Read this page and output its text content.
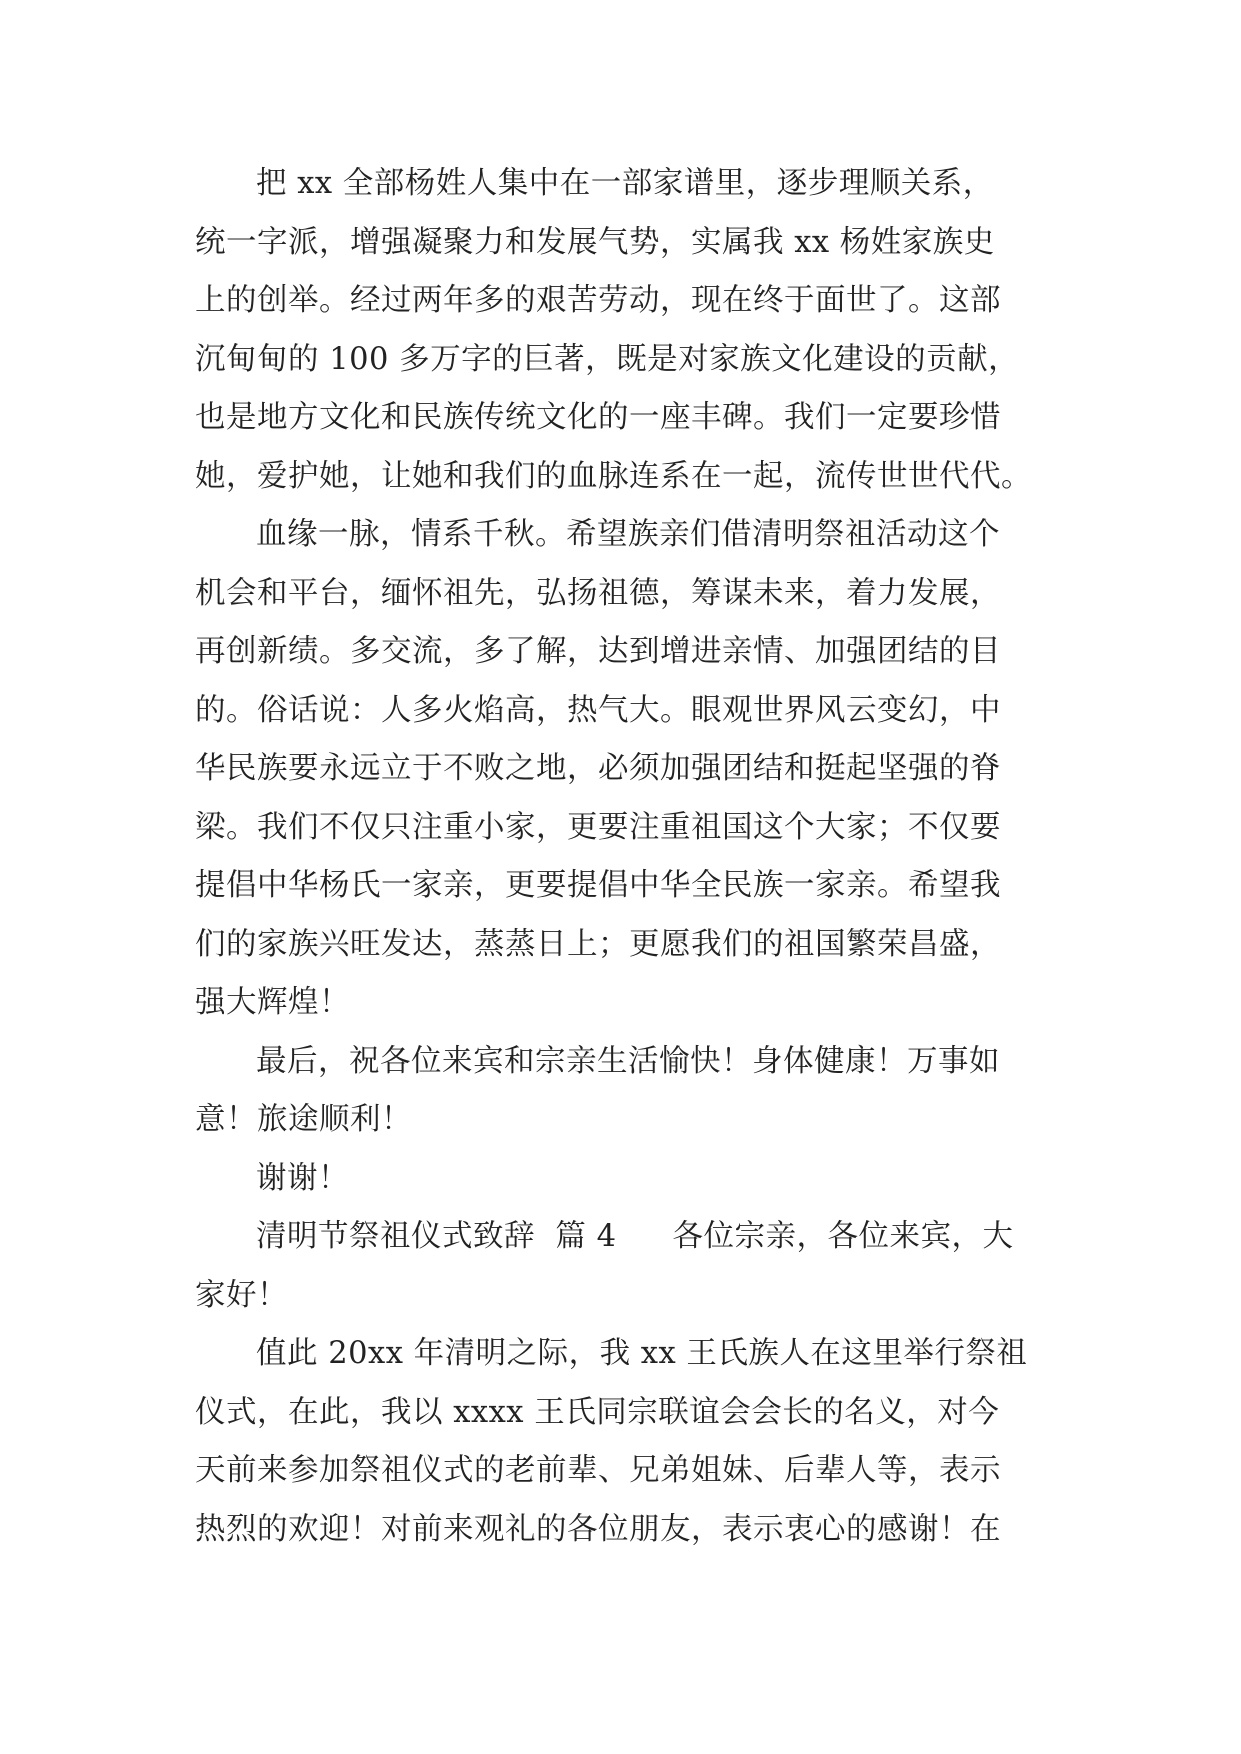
把 xx 全部杨姓人集中在一部家谱里，逐步理顺关系，
统一字派，增强凝聚力和发展气势，实属我 xx 杨姓家族史
上的创举。经过两年多的艰苦劳动，现在终于面世了。这部
沉甸甸的 100 多万字的巨著，既是对家族文化建设的贡献，
也是地方文化和民族传统文化的一座丰碑。我们一定要珍惜
她，爱护她，让她和我们的血脉连系在一起，流传世世代代。
血缘一脉，情系千秋。希望族亲们借清明祭祖活动这个
机会和平台，缅怀祖先，弘扬祖德，筹谋未来，着力发展，
再创新绩。多交流，多了解，达到增进亲情、加强团结的目
的。俗话说：人多火焰高，热气大。眼观世界风云变幻，中
华民族要永远立于不败之地，必须加强团结和挺起坚强的脊
梁。我们不仅只注重小家，更要注重祖国这个大家；不仅要
提倡中华杨氏一家亲，更要提倡中华全民族一家亲。希望我
们的家族兴旺发达，蒸蒸日上；更愿我们的祖国繁荣昌盛，
强大辉煌！
最后，祝各位来宾和宗亲生活愉快！身体健康！万事如
意！旅途顺利！
谢谢！
清明节祭祖仪式致辞  篇 4 各位宗亲，各位来宾，大
家好！
值此 20xx 年清明之际，我 xx 王氏族人在这里举行祭祖
仪式，在此，我以 xxxx 王氏同宗联谊会会长的名义，对今
天前来参加祭祖仪式的老前辈、兄弟姐妹、后辈人等，表示
热烈的欢迎！对前来观礼的各位朋友，表示衷心的感谢！在
